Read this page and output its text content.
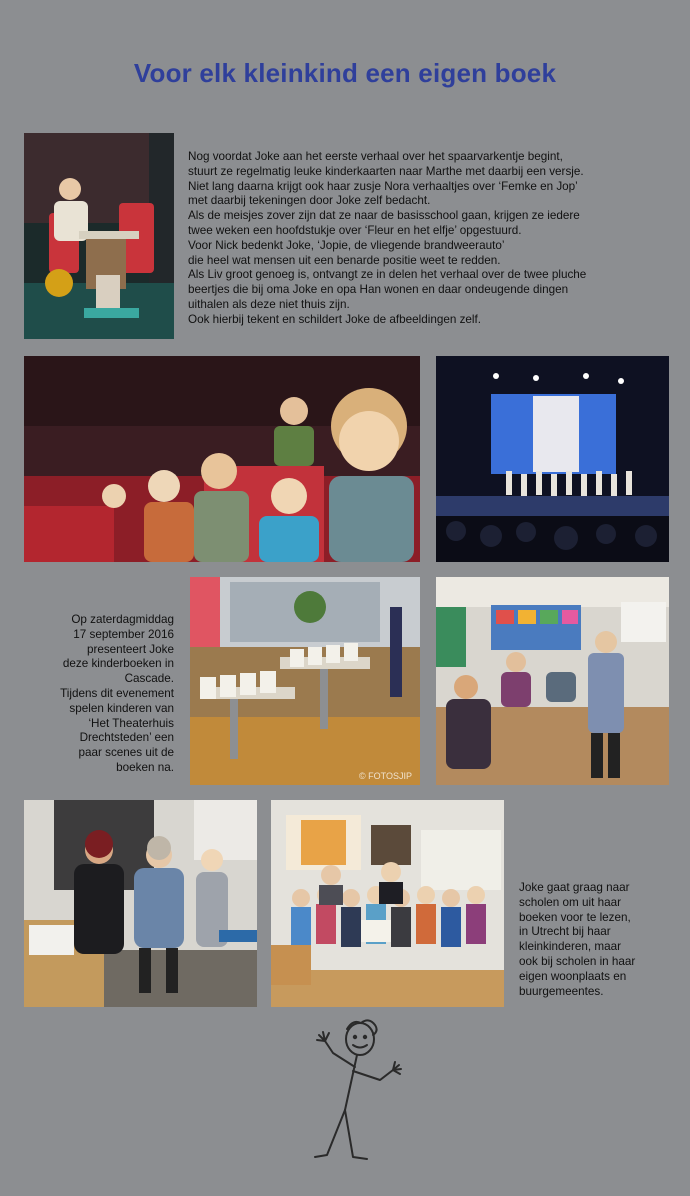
Voor elk kleinkind een eigen boek

Nog voordat Joke aan het eerste verhaal over het spaarvarkentje begint,

stuurt ze regelmatig leuke kinderkaarten naar Marthe met daarbij een versje.

Niet lang daarna krijgt ook haar zusje Nora verhaaltjes over ‘Femke en Jop’

met daarbij tekeningen door Joke zelf bedacht.

Als de meisjes zover zijn dat ze naar de basisschool gaan, krijgen ze iedere

twee weken een hoofdstukje over ‘Fleur en het elfje’ opgestuurd.

Voor Nick bedenkt Joke, ‘Jopie, de vliegende brandweerauto’

die heel wat mensen uit een benarde positie weet te redden.

Als Liv groot genoeg is, ontvangt ze in delen het verhaal over de twee pluche

beertjes die bij oma Joke en opa Han wonen en daar ondeugende dingen

uithalen als deze niet thuis zijn.

Ook hierbij tekent en schildert Joke de afbeeldingen zelf.

Op zaterdagmiddag

17 september 2016

presenteert Joke

deze kinderboeken in

Cascade.

Tijdens dit evenement

spelen kinderen van

‘Het Theaterhuis

Drechtsteden’ een

paar scenes uit de

boeken na.

© FOTOSJIP

Joke gaat graag naar

scholen om uit haar

boeken voor te lezen,

in Utrecht bij haar

kleinkinderen, maar

ook bij scholen in haar

eigen woonplaats en

buurgemeentes.
